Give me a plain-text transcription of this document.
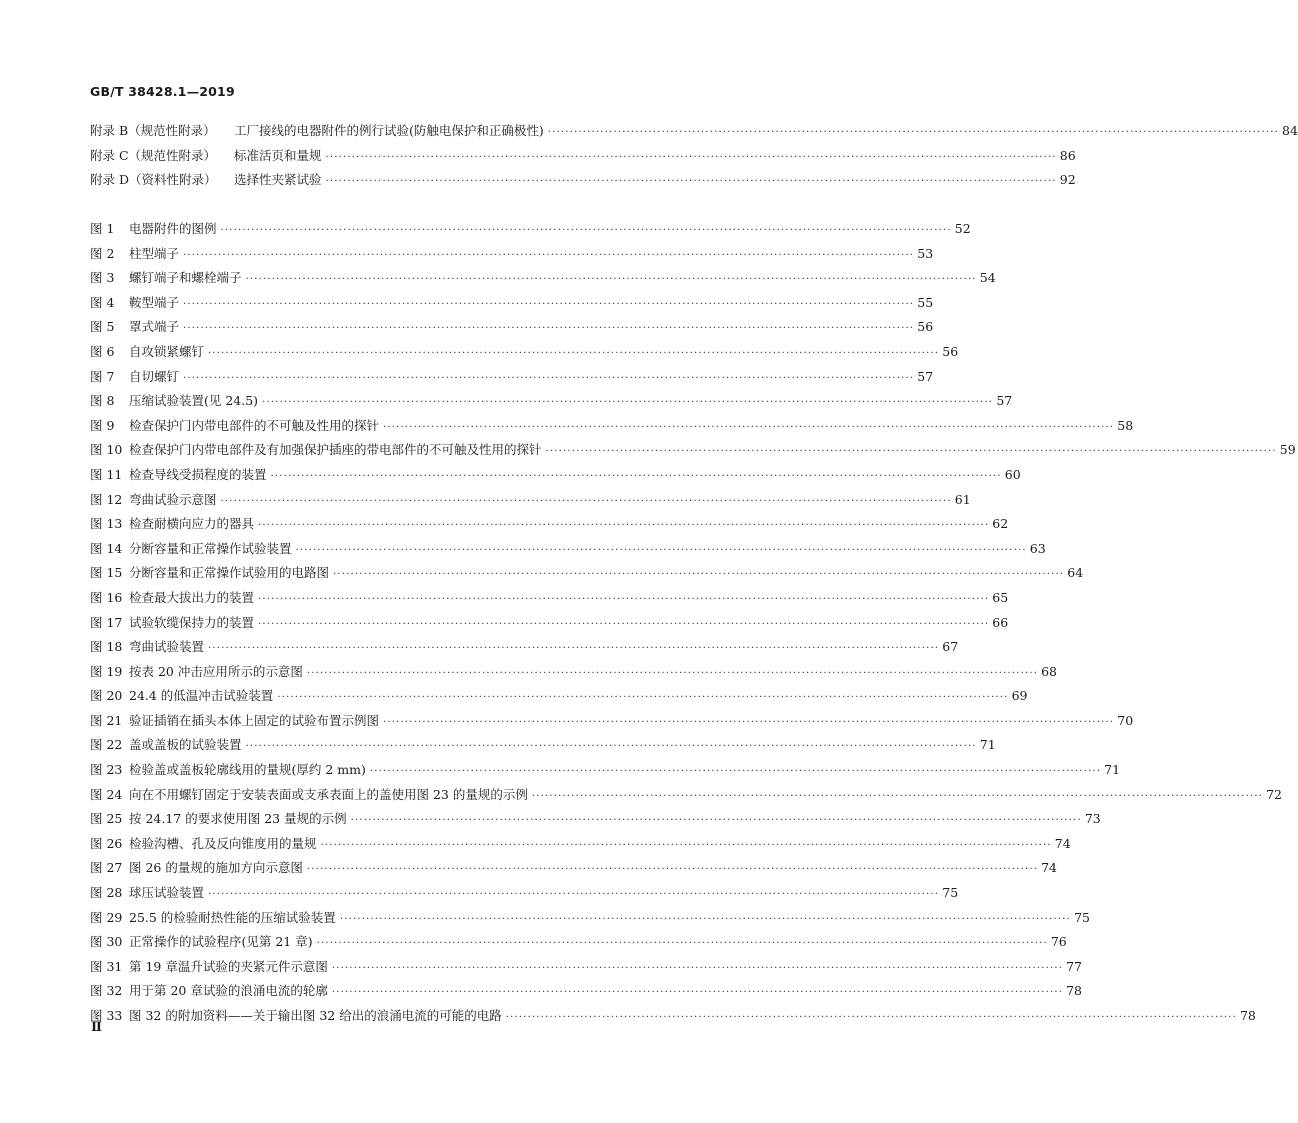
GB/T 38428.1—2019
附录 B（规范性附录）	工厂接线的电器附件的例行试验(防触电保护和正确极性) ·····	84
附录 C（规范性附录）	标准活页和量规 ·····	86
附录 D（资料性附录）	选择性夹紧试验 ·····	92
图 1	电器附件的图例 ·····	52
图 2	柱型端子 ·····	53
图 3	螺钉端子和螺栓端子 ·····	54
图 4	鞍型端子 ·····	55
图 5	罩式端子 ·····	56
图 6	自攻锁紧螺钉 ·····	56
图 7	自切螺钉 ·····	57
图 8	压缩试验装置(见 24.5) ·····	57
图 9	检查保护门内带电部件的不可触及性用的探针 ·····	58
图 10 检查保护门内带电部件及有加强保护插座的带电部件的不可触及性用的探针 ·····	59
图 11 检查导线受损程度的装置 ·····	60
图 12 弯曲试验示意图 ·····	61
图 13 检查耐横向应力的器具 ·····	62
图 14 分断容量和正常操作试验装置 ·····	63
图 15 分断容量和正常操作试验用的电路图 ·····	64
图 16 检查最大拔出力的装置 ·····	65
图 17 试验软缆保持力的装置 ·····	66
图 18 弯曲试验装置 ·····	67
图 19 按表 20 冲击应用所示的示意图 ·····	68
图 20 24.4 的低温冲击试验装置 ·····	69
图 21 验证插销在插头本体上固定的试验布置示例图 ·····	70
图 22 盖或盖板的试验装置 ·····	71
图 23 检验盖或盖板轮廓线用的量规(厚约 2 mm) ·····	71
图 24 向在不用螺钉固定于安装表面或支承表面上的盖使用图 23 的量规的示例 ·····	72
图 25 按 24.17 的要求使用图 23 量规的示例 ·····	73
图 26 检验沟槽、孔及反向锥度用的量规 ·····	74
图 27 图 26 的量规的施加方向示意图 ·····	74
图 28 球压试验装置 ·····	75
图 29 25.5 的检验耐热性能的压缩试验装置 ·····	75
图 30 正常操作的试验程序(见第 21 章) ·····	76
图 31 第 19 章温升试验的夹紧元件示意图 ·····	77
图 32 用于第 20 章试验的浪涌电流的轮廓 ·····	78
图 33 图 32 的附加资料——关于输出图 32 给出的浪涌电流的可能的电路 ·····	78
Ⅱ
